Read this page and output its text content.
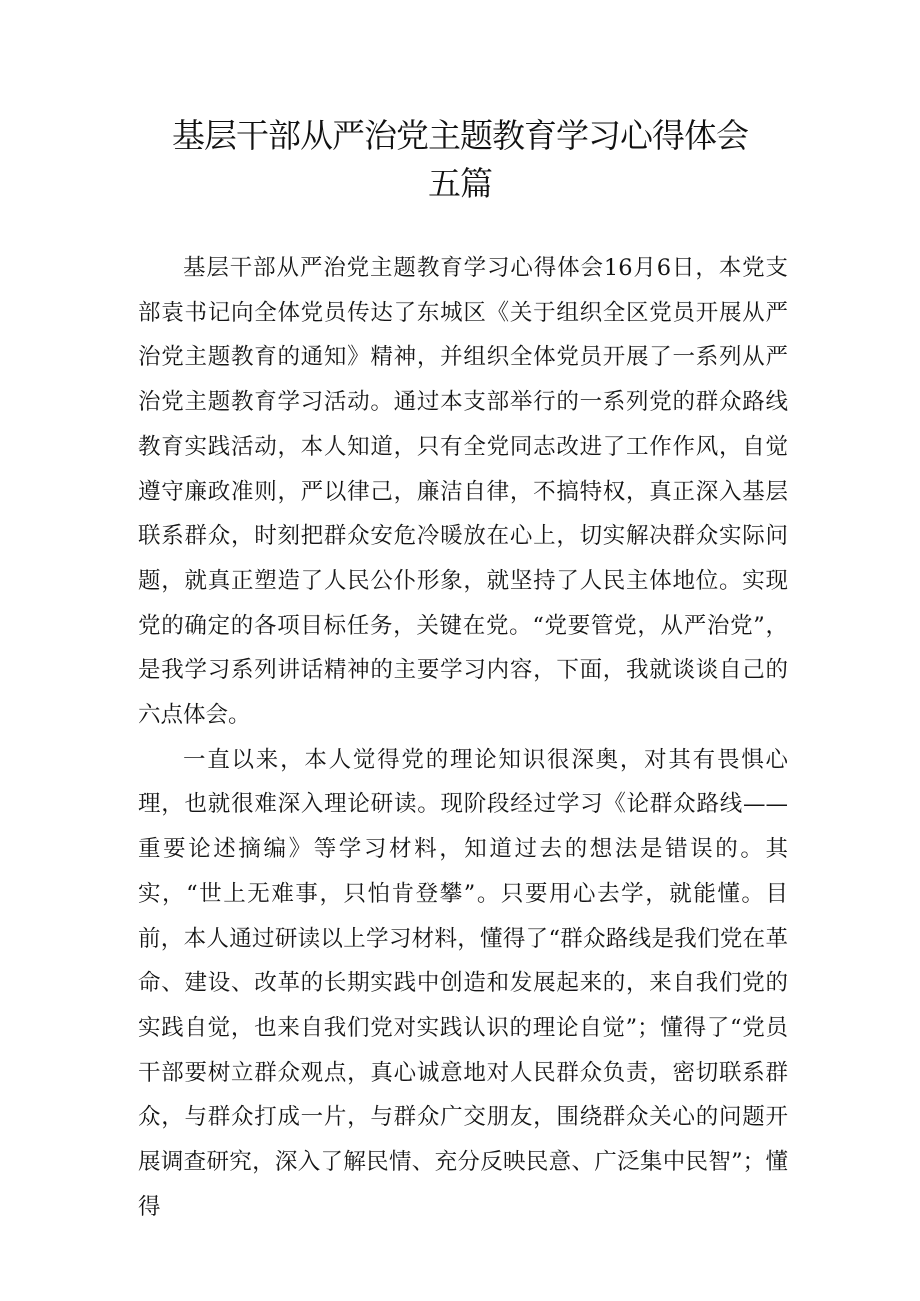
基层干部从严治党主题教育学习心得体会
五篇

基层干部从严治党主题教育学习心得体会16月6日，本党支部袁书记向全体党员传达了东城区《关于组织全区党员开展从严治党主题教育的通知》精神，并组织全体党员开展了一系列从严治党主题教育学习活动。通过本支部举行的一系列党的群众路线教育实践活动，本人知道，只有全党同志改进了工作作风，自觉遵守廉政准则，严以律己，廉洁自律，不搞特权，真正深入基层联系群众，时刻把群众安危冷暖放在心上，切实解决群众实际问题，就真正塑造了人民公仆形象，就坚持了人民主体地位。实现党的确定的各项目标任务，关键在党。“党要管党，从严治党”，是我学习系列讲话精神的主要学习内容，下面，我就谈谈自己的六点体会。

一直以来，本人觉得党的理论知识很深奥，对其有畏惧心理，也就很难深入理论研读。现阶段经过学习《论群众路线——重要论述摘编》等学习材料，知道过去的想法是错误的。其实，“世上无难事，只怕肯登攀”。只要用心去学，就能懂。目前，本人通过研读以上学习材料，懂得了“群众路线是我们党在革命、建设、改革的长期实践中创造和发展起来的，来自我们党的实践自觉，也来自我们党对实践认识的理论自觉”；懂得了“党员干部要树立群众观点，真心诚意地对人民群众负责，密切联系群众，与群众打成一片，与群众广交朋友，围绕群众关心的问题开展调查研究，深入了解民情、充分反映民意、广泛集中民智”；懂得
